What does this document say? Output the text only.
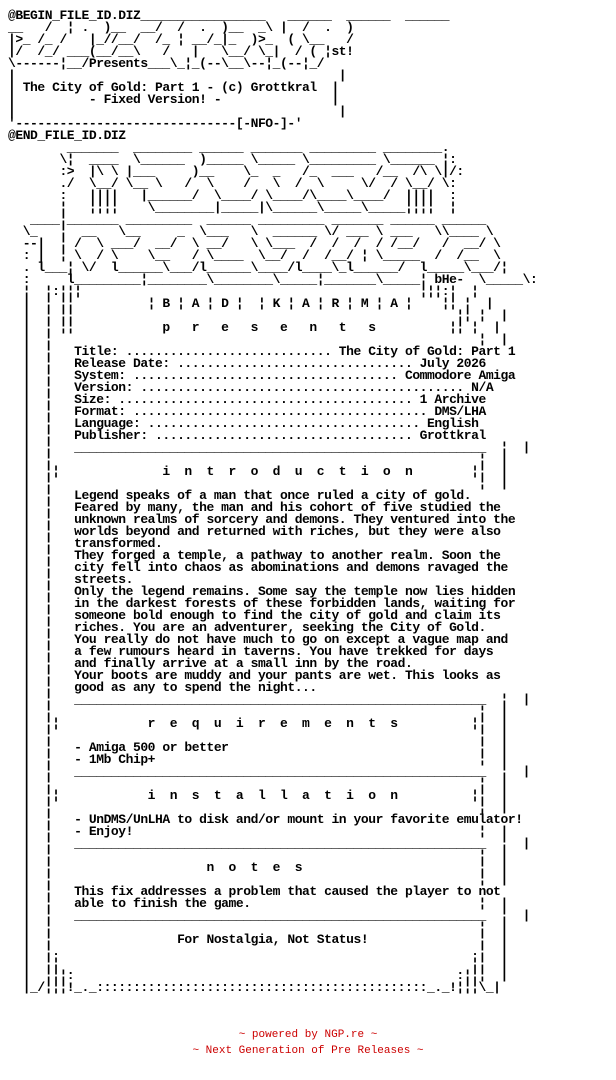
@BEGIN_FILE_ID.DIZ_________________   ______  ______  ______
__   /  ¦ .  )__  __/  /  .  )__  _\ |  /  .  )
|>_ /_ /   |_//__/  /_ ¦ __/_|_  )>_  ( \__   /
|/  /_/ ___(__/__\   /   |   \__/ \_|  / ( ¦st!
\------¦__/Presents___\_¦_(--\__\--¦_(--¦_/
|                                            |
| The City of Gold: Part 1 - (c) Grottkral  |
|          - Fixed Version! -               |
|                                            |
'------------------------------[-NFO-]-'
@END_FILE_ID.DIZ
_______  ________ ______ _______ _________ ________.
\¦  ____  \______  )_____ \_____ \_________ \______ ¦:
:>  |\ \ |___     )__    \_  _   /_  ___   /__  /\ \|/:
./  \__/ \__ \   /  \    /   \  /  \     \/  / \__/ \:
:   ||||   |______/  \____/ \____/\____\____/  ||||  :
¦   ¦¦¦¦    \________|_____|\______\_____\_____¦¦¦¦  ¦
____¦_______ _________  ______ _________ _______ ______ ______
\_   ¦  __   \__     _  \___   \  ______ \/ ___ \ ___   \\____ \
--|  ¦ /  \ ___/  __/  \ __/   \ \___  /  /  /  / /__/   /  __/ \
: |  ¦ \  / \    \__   / \____  \__/  /  /__/ ¦ \_____  /  /__  \
. l___¦ \/  l______\___/l______\____/l____\_l______/  l_____\___/¦
:     l_________¦________\________\_____¦_______\_____¦ bHe-  \_____\:
¦  ¦:¦¦¦                                              ¦¦¦:¦  ¦
|  ¦ ¦¦          ¦ B ¦ A ¦ D ¦  ¦ K ¦ A ¦ R ¦ M ¦ A ¦    ¦¦ ¦  |
|  ¦ ¦¦                                                    ¦¦ ¦  |
|  ¦ ¦¦            p   r   e   s   e   n   t   s          ¦¦ ¦  |
|  ¦                                                          ¦  |
|  ¦   Title: ............................ The City of Gold: Part 1
|  ¦   Release Date: ................................ July 2026
|  ¦   System: .................................... Commodore Amiga
|  ¦   Version: ............................................ N/A
|  ¦   Size: ........................................ 1 Archive
|  ¦   Format: ........................................ DMS/LHA
|  ¦   Language: ..................................... English
|  ¦   Publisher: ................................... Grottkral
|  ¦   ________________________________________________________  ¦  |
|  ¦                                                          ¦  |
|  ¦¦              i  n  t  r  o  d  u  c  t  i  o  n        ¦¦  |
|  ¦                                                          ¦  |
|  ¦   Legend speaks of a man that once ruled a city of gold.
|  ¦   Feared by many, the man and his cohort of five studied the
|  ¦   unknown realms of sorcery and demons. They ventured into the
|  ¦   worlds beyond and returned with riches, but they were also
|  ¦   transformed.
|  ¦   They forged a temple, a pathway to another realm. Soon the
|  ¦   city fell into chaos as abominations and demons ravaged the
|  ¦   streets.
|  ¦   Only the legend remains. Some say the temple now lies hidden
|  ¦   in the darkest forests of these forbidden lands, waiting for
|  ¦   someone bold enough to find the city of gold and claim its
|  ¦   riches. You are an adventurer, seeking the City of Gold.
|  ¦   You really do not have much to go on except a vague map and
|  ¦   a few rumours heard in taverns. You have trekked for days
|  ¦   and finally arrive at a small inn by the road.
|  ¦   Your boots are muddy and your pants are wet. This looks as
|  ¦   good as any to spend the night...
|  ¦   ________________________________________________________  ¦  |
|  ¦                                                          ¦  |
|  ¦¦            r  e  q  u  i  r  e  m  e  n  t  s          ¦¦  |
|  ¦                                                          ¦  |
|  ¦   - Amiga 500 or better                                  ¦  |
|  ¦   - 1Mb Chip+                                            ¦  |
|  ¦   ________________________________________________________  ¦  |
|  ¦                                                          ¦  |
|  ¦¦            i  n  s  t  a  l  l  a  t  i  o  n          ¦¦  |
|  ¦                                                          ¦  |
|  ¦   - UnDMS/UnLHA to disk and/or mount in your favorite emulator!
|  ¦   - Enjoy!                                               ¦  |
|  ¦   ________________________________________________________  ¦  |
|  ¦                                                          ¦  |
|  ¦                     n  o  t  e  s                        ¦  |
|  ¦                                                          ¦  |
|  ¦   This fix addresses a problem that caused the player to not
|  ¦   able to finish the game.                               ¦  |
|  ¦   ________________________________________________________  ¦  |
|  ¦                                                          ¦  |
|  ¦                 For Nostalgia, Not Status!               ¦  |
|  ¦.                                                        .¦  |
|  ¦¦                                                        ¦¦  |
|  ¦¦¦:                                                    :¦¦¦  |
|_/¦¦¦!_._:::::::::::::::::::::::::::::::::::::::::::::_._!¦¦¦\_|
~ powered by NGP.re ~
~ Next Generation of Pre Releases ~
